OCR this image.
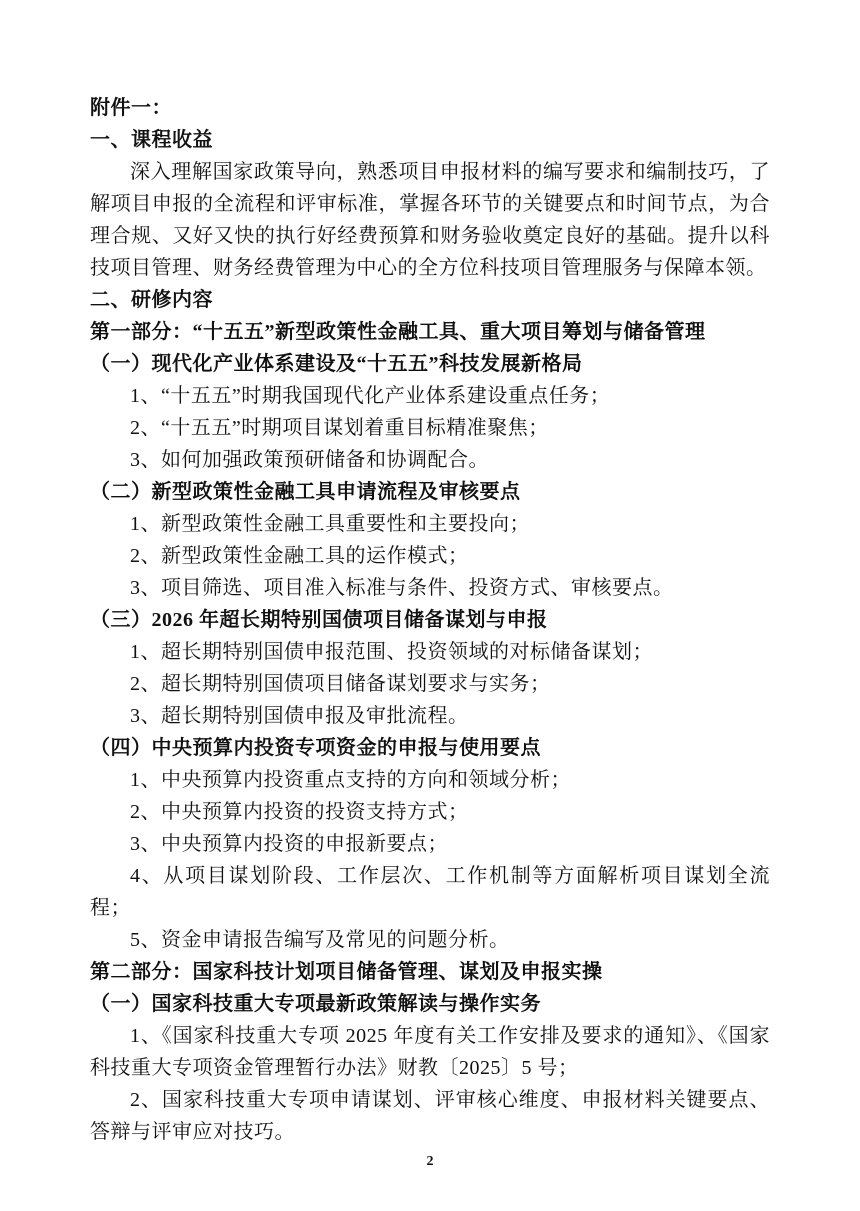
附件一：

一、课程收益

深入理解国家政策导向，熟悉项目申报材料的编写要求和编制技巧，了解项目申报的全流程和评审标准，掌握各环节的关键要点和时间节点，为合理合规、又好又快的执行好经费预算和财务验收奠定良好的基础。提升以科技项目管理、财务经费管理为中心的全方位科技项目管理服务与保障本领。

二、研修内容

第一部分：“十五五”新型政策性金融工具、重大项目筹划与储备管理

（一）现代化产业体系建设及“十五五”科技发展新格局

1、“十五五”时期我国现代化产业体系建设重点任务；

2、“十五五”时期项目谋划着重目标精准聚焦；

3、如何加强政策预研储备和协调配合。

（二）新型政策性金融工具申请流程及审核要点

1、新型政策性金融工具重要性和主要投向；

2、新型政策性金融工具的运作模式；

3、项目筛选、项目准入标准与条件、投资方式、审核要点。

（三）2026 年超长期特别国债项目储备谋划与申报

1、超长期特别国债申报范围、投资领域的对标储备谋划；

2、超长期特别国债项目储备谋划要求与实务；

3、超长期特别国债申报及审批流程。

（四）中央预算内投资专项资金的申报与使用要点

1、中央预算内投资重点支持的方向和领域分析；

2、中央预算内投资的投资支持方式；

3、中央预算内投资的申报新要点；

4、从项目谋划阶段、工作层次、工作机制等方面解析项目谋划全流程；

5、资金申请报告编写及常见的问题分析。

第二部分：国家科技计划项目储备管理、谋划及申报实操

（一）国家科技重大专项最新政策解读与操作实务

1、《国家科技重大专项 2025 年度有关工作安排及要求的通知》、《国家科技重大专项资金管理暂行办法》财教〔2025〕5 号；

2、国家科技重大专项申请谋划、评审核心维度、申报材料关键要点、答辩与评审应对技巧。

2
